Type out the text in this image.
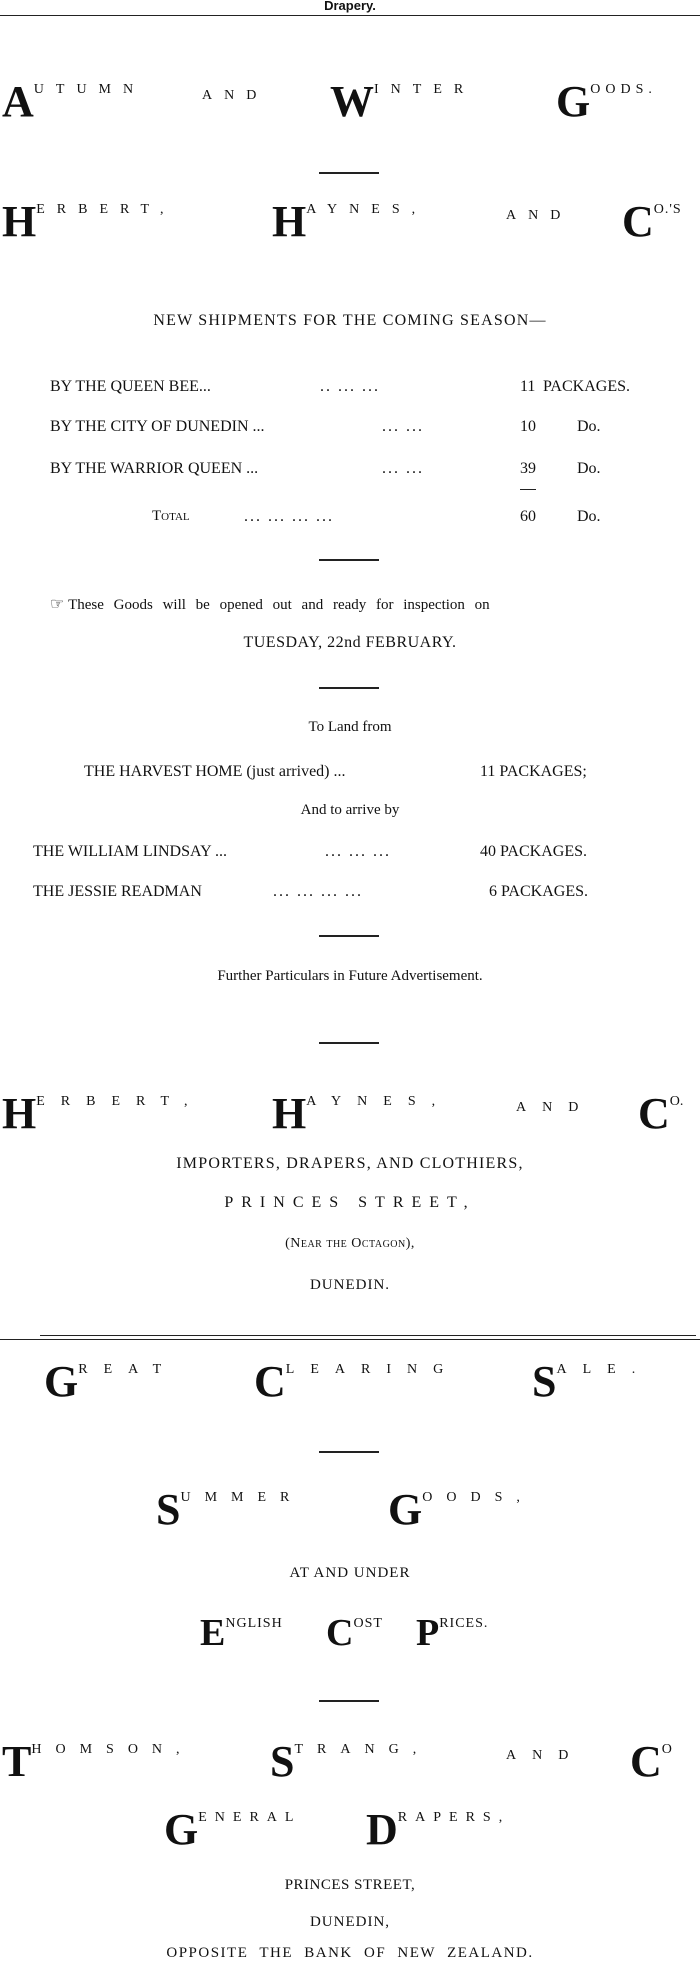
Drapery.
AUTUMN	AND WINTER GOODS.
HERBERT, HAYNES,	AND CO.'S
NEW SHIPMENTS FOR THE COMING SEASON—
BY THE QUEEN BEE...	.. ... ...	11 PACKAGES.
BY THE CITY OF DUNEDIN ...	... ...	10	Do.
BY THE WARRIOR QUEEN ...	... ...	39	Do.
Total	... ... ... ...	60	Do.
☞ These Goods will be opened out and ready for inspection on
TUESDAY, 22nd FEBRUARY.
To Land from
THE HARVEST HOME (just arrived) ...	11 PACKAGES;
And to arrive by
THE WILLIAM LINDSAY ...	... ... ...	40 PACKAGES.
THE JESSIE READMAN	... ... ... ...	6 PACKAGES.
Further Particulars in Future Advertisement.
HERBERT, HAYNES,	AND CO.
IMPORTERS, DRAPERS, AND CLOTHIERS,
PRINCES STREET,
(Near the Octagon),
DUNEDIN.
GREAT CLEARING SALE.
SUMMER GOODS,
AT AND UNDER
ENGLISH COST PRICES.
THOMSON, STRANG,	AND CO
GENERAL DRAPERS,
PRINCES STREET,
DUNEDIN,
OPPOSITE THE BANK OF NEW ZEALAND.
